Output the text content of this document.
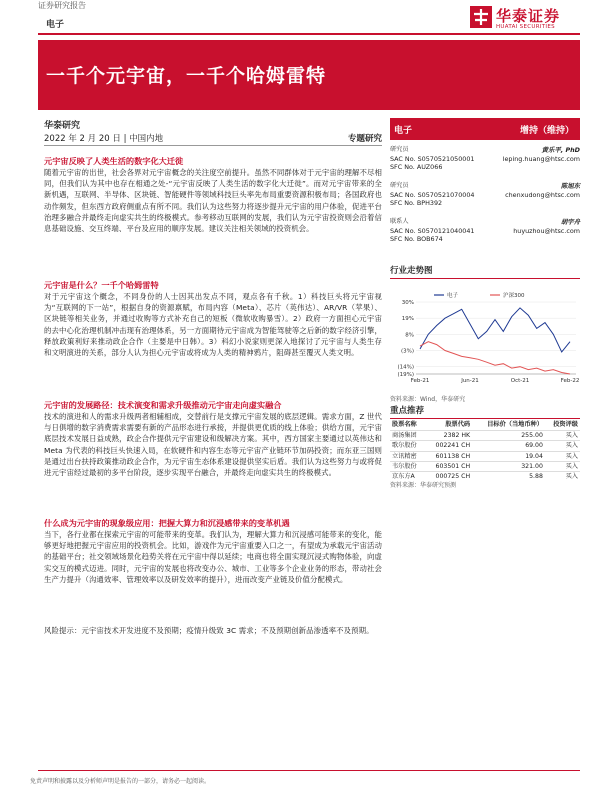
证券研究报告
电子	华泰证券
HUATAI SECURITIES
一千个元宇宙，一千个哈姆雷特
华泰研究
2022 年 2 月 20 日 | 中国内地	专题研究
元宇宙反映了人类生活的数字化大迁徙

随着元宇宙的出世，社会各界对元宇宙概念的关注度空前提升。虽然不同群体对于元宇宙的理解不尽相同，但我们认为其中也存在相通之处-“元宇宙反映了人类生活的数字化大迁徙”。而对元宇宙带来的全新机遇，互联网、半导体、区块链、智能硬件等领域科技巨头率先布局重要资源积极布局；各国政府也动作频发，但东西方政府侧重点有所不同。我们认为这些努力将逐步提升元宇宙的用户体验，促进平台治理多融合并最终走向虚实共生的终极模式。参考移动互联网的发展，我们认为元宇宙投资则会沿着信息基础设施、交互终端、平台及应用的顺序发展。建议关注相关领域的投资机会。

元宇宙是什么？一千个哈姆雷特

对于元宇宙这个概念，不同身份的人士因其出发点不同，观点各有千秋。1）科技巨头将元宇宙视为“互联网的下一站”，根据自身的资源禀赋，布局内容（Meta）、芯片（英伟达）、AR/VR（苹果）、区块链等相关业务，并通过收购等方式补充自己的短板（微软收购暴雪）。2）政府一方面担心元宇宙的去中心化治理机制冲击现有治理体系，另一方面期待元宇宙成为智能驾驶等之后新的数字经济引擎，释放政策利好来推动政企合作（主要是中日韩）。3）科幻小说家则更深入地探讨了元宇宙与人类生存和文明演进的关系，部分人认为担心元宇宙或将成为人类的精神鸦片，阻碍甚至覆灭人类文明。

元宇宙的发展路径：技术演变和需求升级推动元宇宙走向虚实融合

技术的演进和人的需求升级两者相辅相成，交替前行是支撑元宇宙发展的底层逻辑。需求方面，Z 世代与日俱增的数字消费需求需要有新的产品形态进行承接，并提供更优质的线上体验；供给方面，元宇宙底层技术发展日益成熟，政企合作提供元宇宙建设和级解决方案。其中，西方国家主要通过以英伟达和 Meta 为代表的科技巨头快速入局，在软硬件和内容生态等元宇宙产业链环节加码投资；而东亚三国则是通过出台扶持政策推动政企合作，为元宇宙生态体系建设提供坚实后盾。我们认为这些努力与或将促进元宇宙经过最初的多平台阶段，逐步实现平台融合，并最终走向虚实共生的终极模式。

什么成为元宇宙的现象级应用：把握大算力和沉浸感带来的变革机遇

当下，各行业都在探索元宇宙的可能带来的变革。我们认为，理解大算力和沉浸感可能带来的变化，能够更好地把握元宇宙应用的投资机会。比如，游戏作为元宇宙重要入口之一，有望成为承载元宇宙活动的基础平台；社交领域场景化趋势关将在元宇宙中得以延续；电商也将全面实现沉浸式购物体验，向虚实交互的模式迈进。同时，元宇宙的发展也将改变办公、城市、工业等多个企业业务的形态，带动社会生产力提升（沟通效率、管理效率以及研发效率的提升），进而改变产业链及价值分配模式。

风险提示：元宇宙技术开发进度不及预期；疫情升级致 3C 需求；不及预期创新品渗透率不及预期。

电子	增持（维持）
研究员	黄乐平, PhD
SAC No. S0570521050001	leping.huang@htsc.com
SFC No. AUZ066
研究员	陈旭东
SAC No. S0570521070004	chenxudong@htsc.com
SFC No. BPH392
联系人	胡宇舟
SAC No. S0570121040041	huyuzhou@htsc.com
SFC No. BOB674
行业走势图
30%
19%
8%
(3%)
(14%)
(19%)
Feb-21	Jun-21	Oct-21	Feb-22
电子	沪深300
资料来源：Wind，华泰研究
重点推荐
股票名称	股票代码	目标价（当地币种）	投资评级
商汤集团	2382 HK	255.00	买入
歌尔股份	002241 CH	69.00	买入
立讯精密	601138 CH	19.04	买入
韦尔股份	603501 CH	321.00	买入
京东方A	000725 CH	5.88	买入
资料来源：华泰研究预测
免责声明和披露以及分析师声明是报告的一部分，请务必一起阅读。
